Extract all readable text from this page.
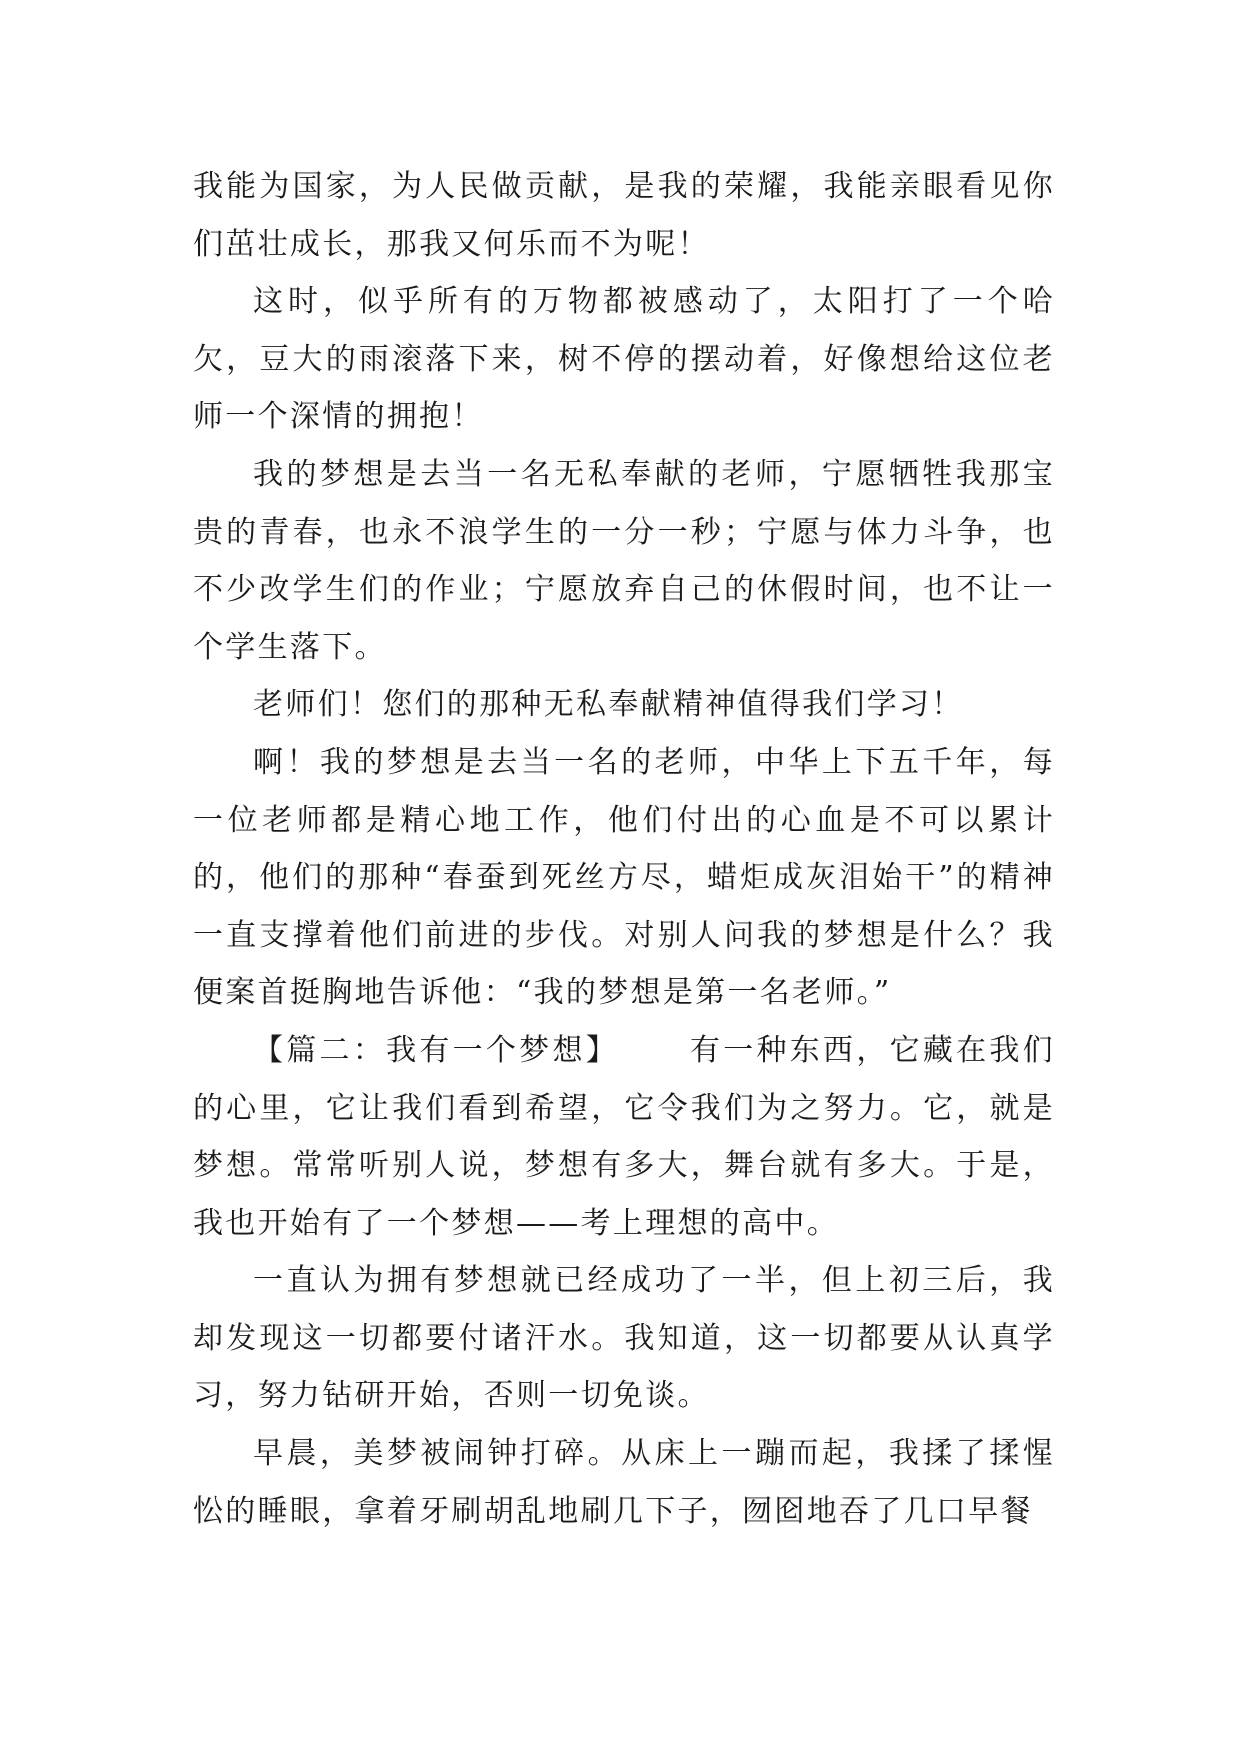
我能为国家，为人民做贡献，是我的荣耀，我能亲眼看见你们茁壮成长，那我又何乐而不为呢！

这时，似乎所有的万物都被感动了，太阳打了一个哈欠，豆大的雨滚落下来，树不停的摆动着，好像想给这位老师一个深情的拥抱！

我的梦想是去当一名无私奉献的老师，宁愿牺牲我那宝贵的青春，也永不浪学生的一分一秒；宁愿与体力斗争，也不少改学生们的作业；宁愿放弃自己的休假时间，也不让一个学生落下。

老师们！您们的那种无私奉献精神值得我们学习！

啊！我的梦想是去当一名的老师，中华上下五千年，每一位老师都是精心地工作，他们付出的心血是不可以累计的，他们的那种“春蚕到死丝方尽，蜡炬成灰泪始干”的精神一直支撑着他们前进的步伐。对别人问我的梦想是什么？我便案首挺胸地告诉他：“我的梦想是第一名老师。”

【篇二：我有一个梦想】 有一种东西，它藏在我们的心里，它让我们看到希望，它令我们为之努力。它，就是梦想。常常听别人说，梦想有多大，舞台就有多大。于是，我也开始有了一个梦想——考上理想的高中。

一直认为拥有梦想就已经成功了一半，但上初三后，我却发现这一切都要付诸汗水。我知道，这一切都要从认真学习，努力钻研开始，否则一切免谈。

早晨，美梦被闹钟打碎。从床上一蹦而起，我揉了揉惺忪的睡眼，拿着牙刷胡乱地刷几下子，囫囵地吞了几口早餐
